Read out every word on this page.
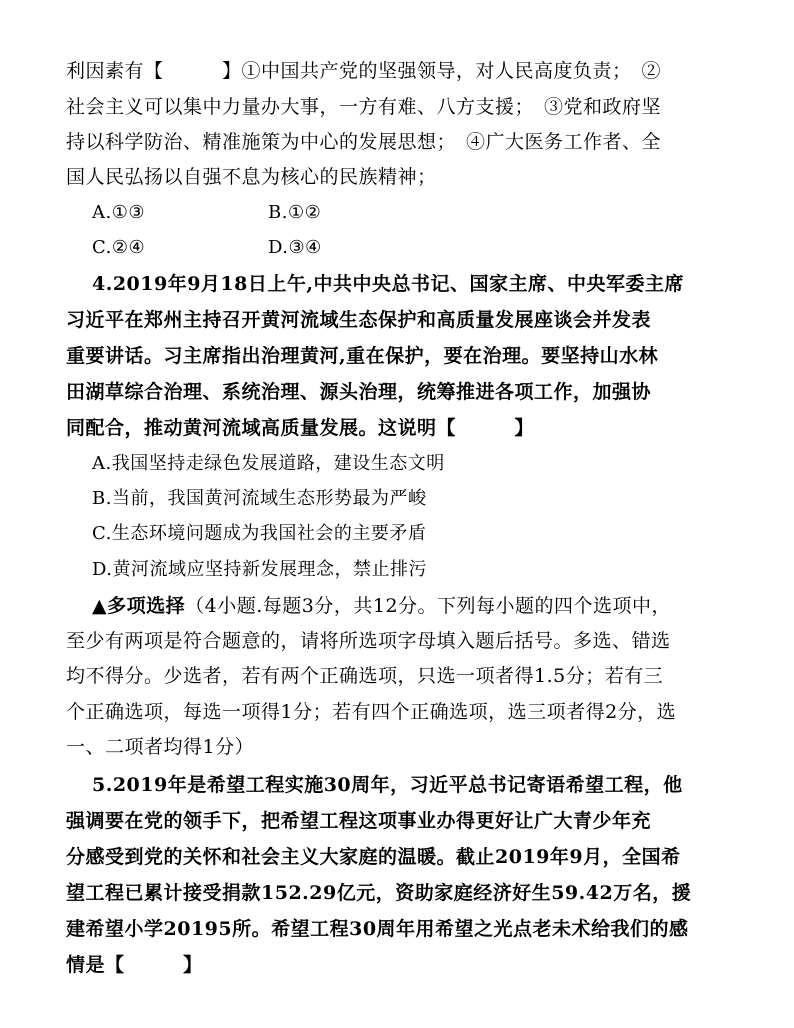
利因素有【　　　】①中国共产党的坚强领导，对人民高度负责；　②
社会主义可以集中力量办大事，一方有难、八方支援；　③党和政府坚
持以科学防治、精准施策为中心的发展思想；　④广大医务工作者、全
国人民弘扬以自强不息为核心的民族精神；
A.①③	B.①②
C.②④	D.③④
4.2019年9月18日上午,中共中央总书记、国家主席、中央军委主席
习近平在郑州主持召开黄河流域生态保护和高质量发展座谈会并发表
重要讲话。习主席指出治理黄河,重在保护，要在治理。要坚持山水林
田湖草综合治理、系统治理、源头治理，统筹推进各项工作，加强协
同配合，推动黄河流域高质量发展。这说明【　　　】
A.我国坚持走绿色发展道路，建设生态文明
B.当前，我国黄河流域生态形势最为严峻
C.生态环境问题成为我国社会的主要矛盾
D.黄河流域应坚持新发展理念，禁止排污
▲多项选择（4小题.每题3分，共12分。下列每小题的四个选项中，
至少有两项是符合题意的，请将所选项字母填入题后括号。多选、错选
均不得分。少选者，若有两个正确选项，只选一项者得1.5分；若有三
个正确选项，每选一项得1分；若有四个正确选项，选三项者得2分，选
一、二项者均得1分）
5.2019年是希望工程实施30周年，习近平总书记寄语希望工程，他
强调要在党的领手下，把希望工程这项事业办得更好让广大青少年充
分感受到党的关怀和社会主义大家庭的温暖。截止2019年9月，全国希
望工程已累计接受捐款152.29亿元，资助家庭经济好生59.42万名，援
建希望小学20195所。希望工程30周年用希望之光点老未术给我们的感
情是【　　　】
